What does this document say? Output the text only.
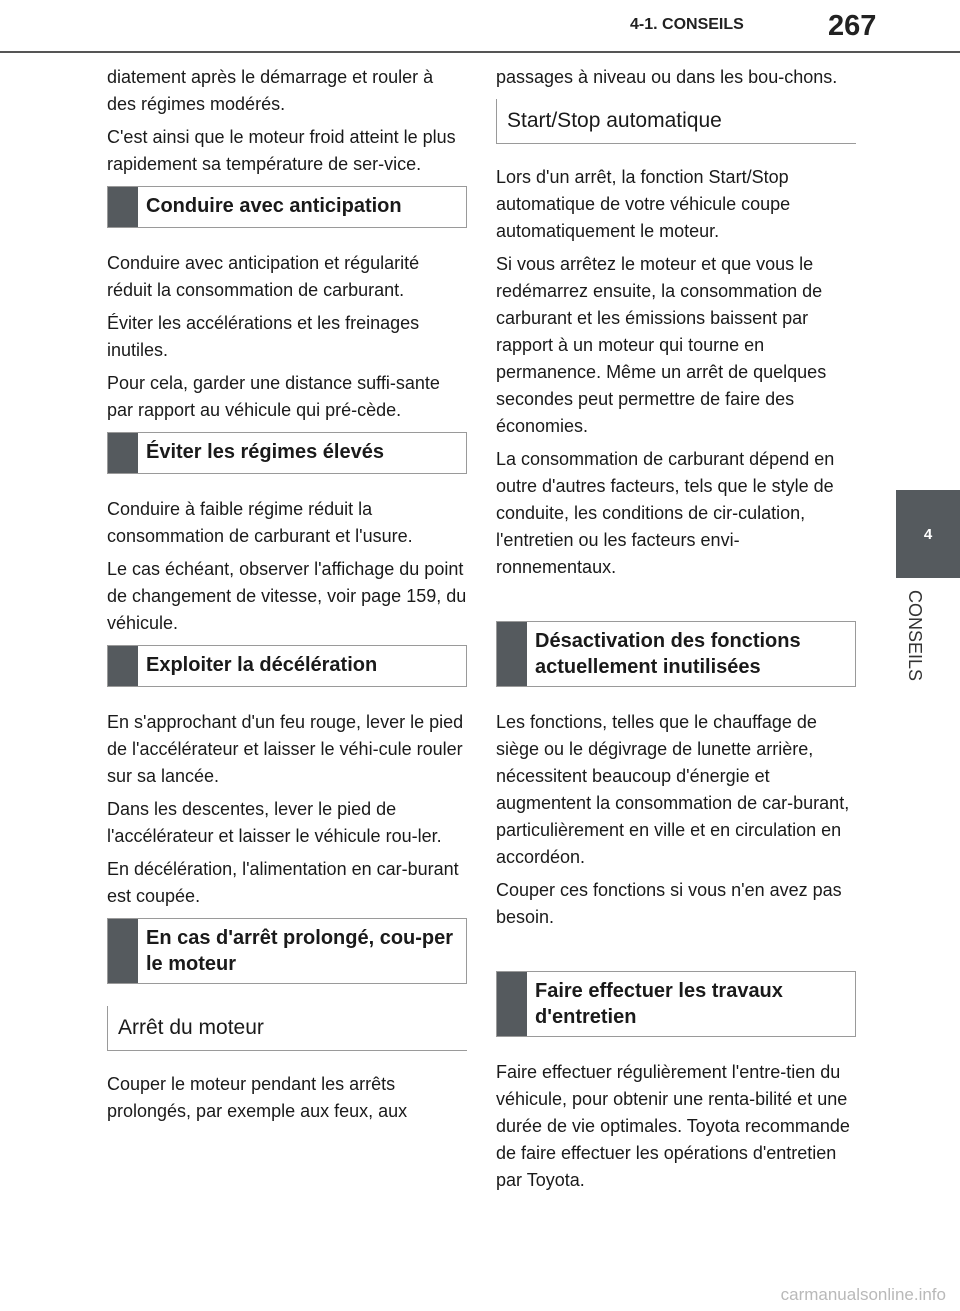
4-1. CONSEILS	267
4
CONSEILS

diatement après le démarrage et rouler à des régimes modérés.

C'est ainsi que le moteur froid atteint le plus rapidement sa température de ser-vice.

Conduire avec anticipation

Conduire avec anticipation et régularité réduit la consommation de carburant.

Éviter les accélérations et les freinages inutiles.

Pour cela, garder une distance suffi-sante par rapport au véhicule qui pré-cède.

Éviter les régimes élevés

Conduire à faible régime réduit la consommation de carburant et l'usure.

Le cas échéant, observer l'affichage du point de changement de vitesse, voir page 159, du véhicule.

Exploiter la décélération

En s'approchant d'un feu rouge, lever le pied de l'accélérateur et laisser le véhi-cule rouler sur sa lancée.

Dans les descentes, lever le pied de l'accélérateur et laisser le véhicule rou-ler.

En décélération, l'alimentation en car-burant est coupée.

En cas d'arrêt prolongé, cou-per le moteur
Arrêt du moteur

Couper le moteur pendant les arrêts prolongés, par exemple aux feux, aux

passages à niveau ou dans les bou-chons.

Start/Stop automatique

Lors d'un arrêt, la fonction Start/Stop automatique de votre véhicule coupe automatiquement le moteur.

Si vous arrêtez le moteur et que vous le redémarrez ensuite, la consommation de carburant et les émissions baissent par rapport à un moteur qui tourne en permanence. Même un arrêt de quelques secondes peut permettre de faire des économies.

La consommation de carburant dépend en outre d'autres facteurs, tels que le style de conduite, les conditions de cir-culation, l'entretien ou les facteurs envi-ronnementaux.

Désactivation des fonctions actuellement inutilisées

Les fonctions, telles que le chauffage de siège ou le dégivrage de lunette arrière, nécessitent beaucoup d'énergie et augmentent la consommation de car-burant, particulièrement en ville et en circulation en accordéon.

Couper ces fonctions si vous n'en avez pas besoin.

Faire effectuer les travaux d'entretien

Faire effectuer régulièrement l'entre-tien du véhicule, pour obtenir une renta-bilité et une durée de vie optimales. Toyota recommande de faire effectuer les opérations d'entretien par Toyota.

carmanualsonline.info
